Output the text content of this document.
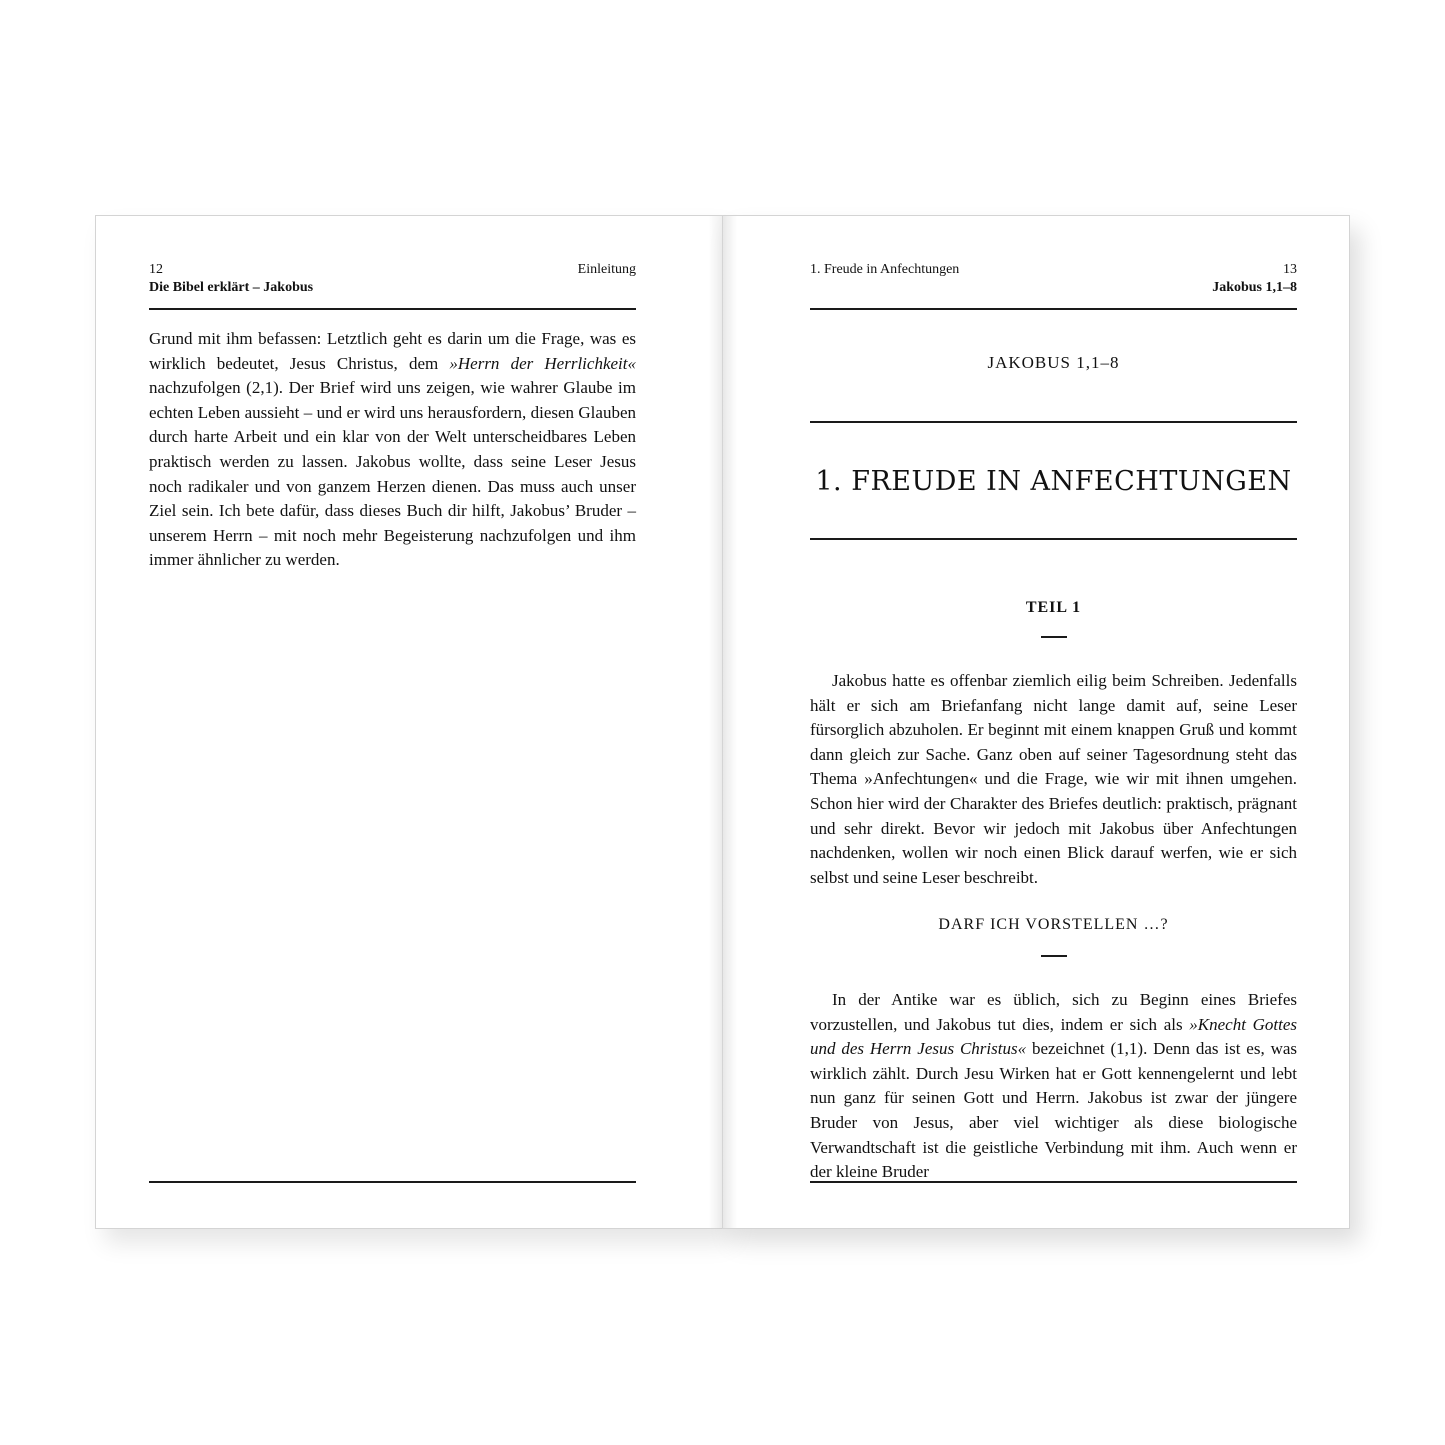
12
Die Bibel erklärt – Jakobus
Einleitung

Grund mit ihm befassen: Letztlich geht es darin um die Frage, was es wirklich bedeutet, Jesus Christus, dem »Herrn der Herrlichkeit« nachzufolgen (2,1). Der Brief wird uns zeigen, wie wahrer Glaube im echten Leben aussieht – und er wird uns herausfordern, diesen Glauben durch harte Arbeit und ein klar von der Welt unterscheidbares Leben praktisch werden zu lassen. Jakobus wollte, dass seine Leser Jesus noch radikaler und von ganzem Herzen dienen. Das muss auch unser Ziel sein. Ich bete dafür, dass dieses Buch dir hilft, Jakobus’ Bruder – unserem Herrn – mit noch mehr Begeisterung nachzufolgen und ihm immer ähnlicher zu werden.

1. Freude in Anfechtungen	13
Jakobus 1,1–8
JAKOBUS 1,1–8
1. FREUDE IN ANFECHTUNGEN
TEIL 1

Jakobus hatte es offenbar ziemlich eilig beim Schreiben. Jedenfalls hält er sich am Briefanfang nicht lange damit auf, seine Leser fürsorglich abzuholen. Er beginnt mit einem knappen Gruß und kommt dann gleich zur Sache. Ganz oben auf seiner Tagesordnung steht das Thema »Anfechtungen« und die Frage, wie wir mit ihnen umgehen. Schon hier wird der Charakter des Briefes deutlich: praktisch, prägnant und sehr direkt. Bevor wir jedoch mit Jakobus über Anfechtungen nachdenken, wollen wir noch einen Blick darauf werfen, wie er sich selbst und seine Leser beschreibt.

DARF ICH VORSTELLEN …?

In der Antike war es üblich, sich zu Beginn eines Briefes vorzustellen, und Jakobus tut dies, indem er sich als »Knecht Gottes und des Herrn Jesus Christus« bezeichnet (1,1). Denn das ist es, was wirklich zählt. Durch Jesu Wirken hat er Gott kennengelernt und lebt nun ganz für seinen Gott und Herrn. Jakobus ist zwar der jüngere Bruder von Jesus, aber viel wichtiger als diese biologische Verwandtschaft ist die geistliche Verbindung mit ihm. Auch wenn er der kleine Bruder
